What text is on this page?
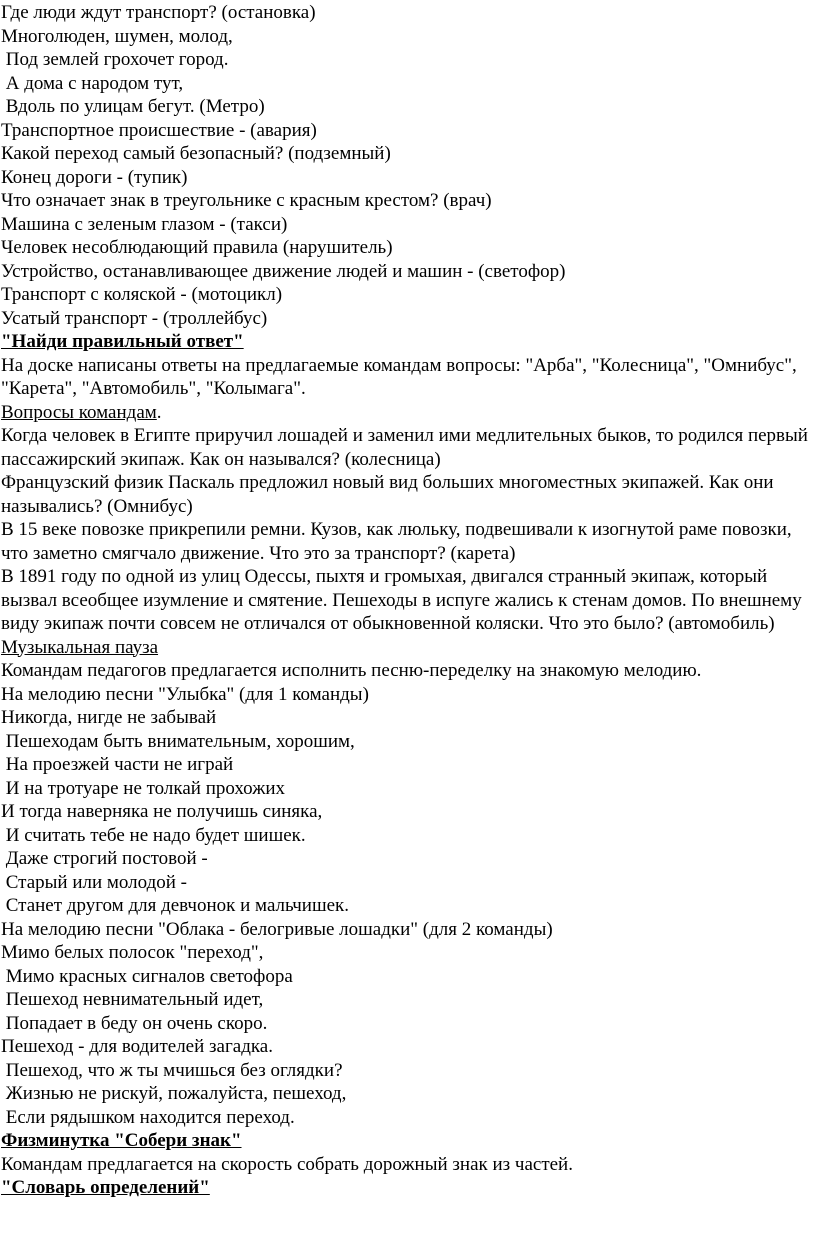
Где люди ждут транспорт? (остановка)

Многолюден, шумен, молод,

Под землей грохочет город.

А дома с народом тут,

Вдоль по улицам бегут. (Метро)

Транспортное происшествие - (авария)

Какой переход самый безопасный? (подземный)

Конец дороги - (тупик)

Что означает знак в треугольнике с красным крестом? (врач)

Машина с зеленым глазом - (такси)

Человек несоблюдающий правила (нарушитель)

Устройство, останавливающее движение людей и машин - (светофор)

Транспорт с коляской - (мотоцикл)

Усатый транспорт - (троллейбус)

"Найди правильный ответ"

На доске написаны ответы на предлагаемые командам вопросы: "Арба", "Колесница", "Омнибус", "Карета", "Автомобиль", "Колымага".

Вопросы командам.

Когда человек в Египте приручил лошадей и заменил ими медлительных быков, то родился первый пассажирский экипаж. Как он назывался? (колесница)

Французский физик Паскаль предложил новый вид больших многоместных экипажей. Как они назывались? (Омнибус)

В 15 веке повозке прикрепили ремни. Кузов, как люльку, подвешивали к изогнутой раме повозки, что заметно смягчало движение. Что это за транспорт? (карета)

В 1891 году по одной из улиц Одессы, пыхтя и громыхая, двигался странный экипаж, который вызвал всеобщее изумление и смятение. Пешеходы в испуге жались к стенам домов. По внешнему виду экипаж почти совсем не отличался от обыкновенной коляски. Что это было? (автомобиль)

Музыкальная пауза

Командам педагогов предлагается исполнить песню-переделку на знакомую мелодию.

На мелодию песни "Улыбка" (для 1 команды)

Никогда, нигде не забывай

Пешеходам быть внимательным, хорошим,

На проезжей части не играй

И на тротуаре не толкай прохожих

И тогда наверняка не получишь синяка,

И считать тебе не надо будет шишек.

Даже строгий постовой -

Старый или молодой -

Станет другом для девчонок и мальчишек.

На мелодию песни "Облака - белогривые лошадки" (для 2 команды)

Мимо белых полосок "переход",

Мимо красных сигналов светофора

Пешеход невнимательный идет,

Попадает в беду он очень скоро.

Пешеход - для водителей загадка.

Пешеход, что ж ты мчишься без оглядки?

Жизнью не рискуй, пожалуйста, пешеход,

Если рядышком находится переход.

Физминутка "Собери знак"

Командам предлагается на скорость собрать дорожный знак из частей.

"Словарь определений"
